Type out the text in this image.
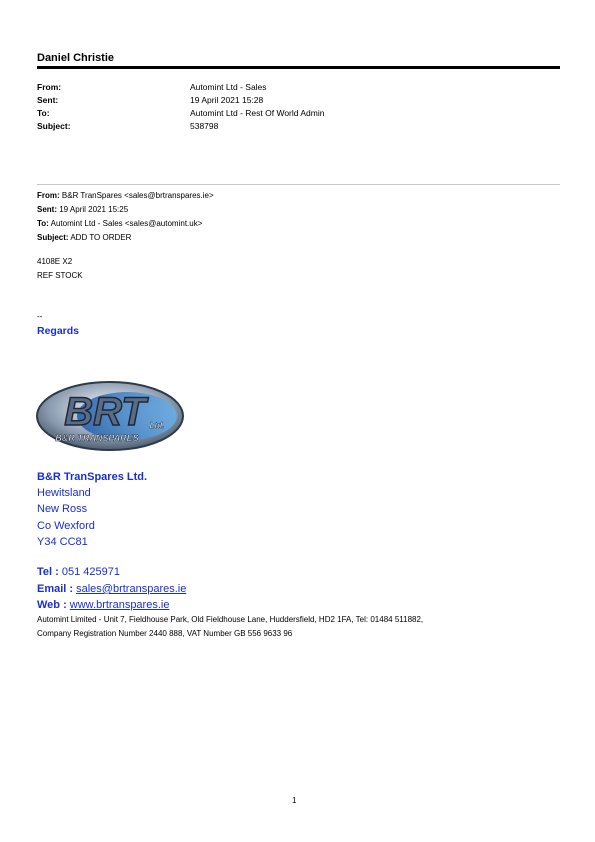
Daniel Christie
From:	Automint Ltd - Sales
Sent:	19 April 2021 15:28
To:	Automint Ltd - Rest Of World Admin
Subject:	538798
From: B&R TranSpares <sales@brtranspares.ie>
Sent: 19 April 2021 15:25
To: Automint Ltd - Sales <sales@automint.uk>
Subject: ADD TO ORDER
4108E X2
REF STOCK
--
Regards
BRT Ltd.
B&R TRANSPARES
B&R TranSpares Ltd.
Hewitsland
New Ross
Co Wexford
Y34 CC81
Tel : 051 425971
Email : sales@brtranspares.ie
Web : www.brtranspares.ie
Automint Limited - Unit 7, Fieldhouse Park, Old Fieldhouse Lane, Huddersfield, HD2 1FA, Tel: 01484 511882,
Company Registration Number 2440 888, VAT Number GB 556 9633 96
1
